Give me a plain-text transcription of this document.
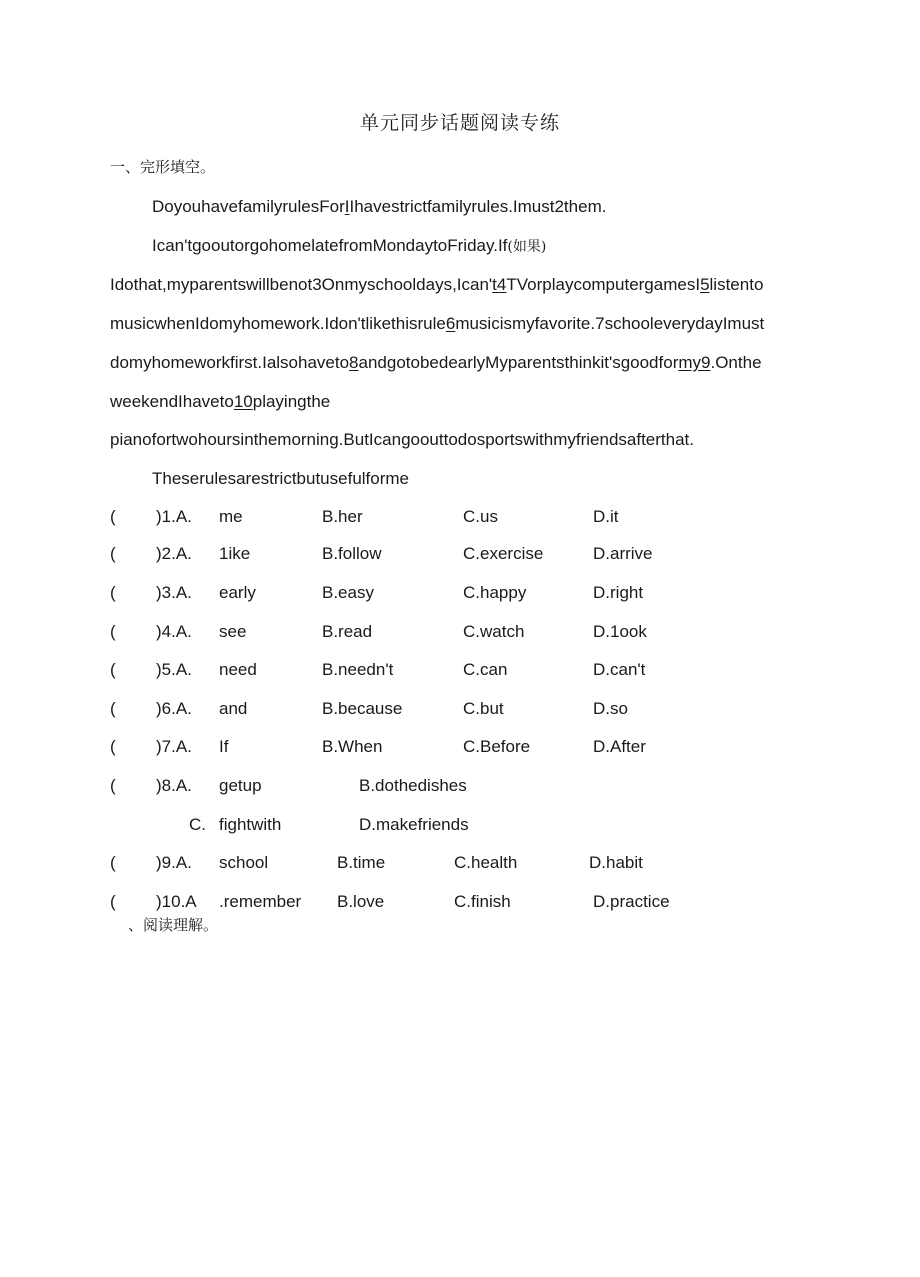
单元同步话题阅读专练
一、完形填空。
DoyouhavefamilyrulesForIIhavestrictfamilyrules.Imust2them.
Ican'tgooutorgohomelatefromMondaytoFriday.If(如果)
Idothat,myparentswillbenot3Onmyschooldays,Ican't4TVorplaycomputergamesI5listento
musicwhenIdomyhomework.Idon'tlikethisrule6musicismyfavorite.7schooleverydayImust
domyhomeworkfirst.Ialsohaveto8andgotobedearlyMyparentsthinkit'sgoodformy9.Onthe
weekendIhaveto10playingthe
pianofortwohoursinthemorning.ButIcangoouttodosportswithmyfriendsafterthat.
Theserulesarestrictbutusefulforme
( )1.A. me	B.her	C.us	D.it
( )2.A. 1ike	B.follow	C.exercise	D.arrive
( )3.A. early	B.easy	C.happy	D.right
( )4.A. see	B.read	C.watch	D.1ook
( )5.A. need	B.needn't	C.can	D.can't
( )6.A. and	B.because	C.but	D.so
( )7.A. If	B.When	C.Before	D.After
( )8.A. getup	B.dothedishes
C. fightwith	D.makefriends
( )9.A. school	B.time	C.health	D.habit
( )10.A .remember B.love	C.finish	D.practice
、阅读理解。
